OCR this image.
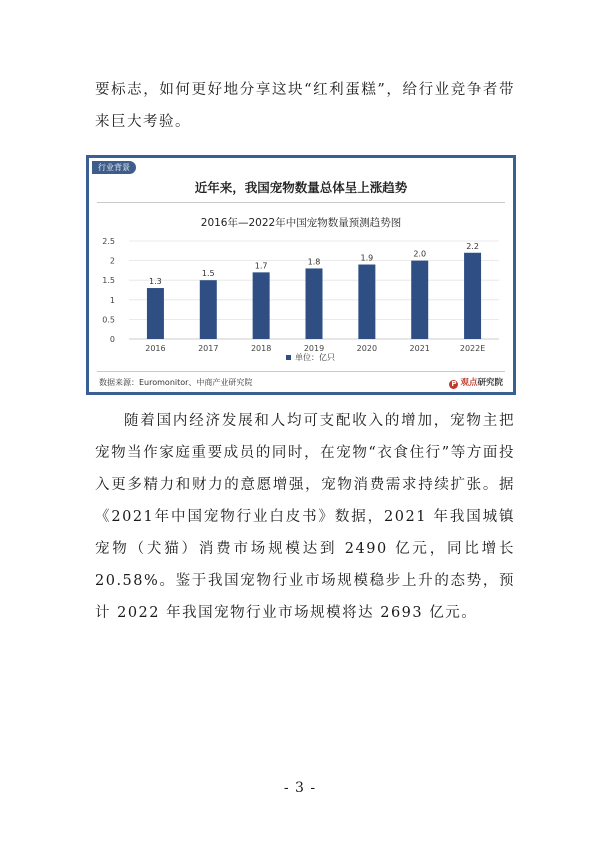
要标志，如何更好地分享这块“红利蛋糕”，给行业竞争者带来巨大考验。

行业背景
近年来，我国宠物数量总体呈上涨趋势
2016年—2022年中国宠物数量预测趋势图
0
0.5
1
1.5
2
2.5
1.3
2016
1.5
2017
1.7
2018
1.8
2019
1.9
2020
2.0
2021
2.2
2022E
单位：亿只
数据来源：Euromonitor、中商产业研究院	P 观点研究院

随着国内经济发展和人均可支配收入的增加，宠物主把宠物当作家庭重要成员的同时，在宠物“衣食住行”等方面投入更多精力和财力的意愿增强，宠物消费需求持续扩张。据《2021年中国宠物行业白皮书》数据，2021 年我国城镇宠物（犬猫）消费市场规模达到 2490 亿元，同比增长 20.58%。鉴于我国宠物行业市场规模稳步上升的态势，预计 2022 年我国宠物行业市场规模将达 2693 亿元。

- 3 -
